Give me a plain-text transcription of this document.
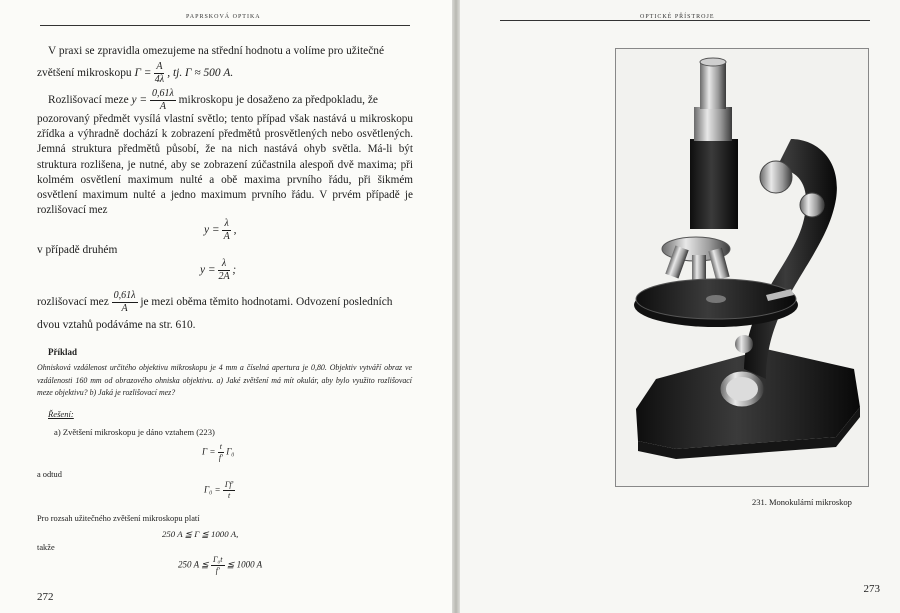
PAPRSKOVÁ OPTIKA

V praxi se zpravidla omezujeme na střední hodnotu a volíme pro užitečné

zvětšení mikroskopu $\Gamma = \frac{A}{4\lambda}$ , tj. Γ ≈ 500 A.
Rozlišovací meze $y = \frac{0,61\lambda}{A}$ mikroskopu je dosaženo za předpokladu, že

pozorovaný předmět vysílá vlastní světlo; tento případ však nastává u mikroskopu zřídka a výhradně dochází k zobrazení předmětů prosvětlených nebo osvětlených. Jemná struktura předmětů působí, že na nich nastává ohyb světla. Má-li být struktura rozlišena, je nutné, aby se zobrazení zúčastnila alespoň dvě maxima; při kolmém osvětlení maximum nulté a obě maxima prvního řádu, při šikmém osvětlení maximum nulté a jedno maximum prvního řádu. V prvém případě je rozlišovací mez

$y = \frac{\lambda}{A}$ ,

v případě druhém

$y = \frac{\lambda}{2A}$ ;
rozlišovací mez $\frac{0,61\lambda}{A}$ je mezi oběma těmito hodnotami. Odvození posledních

dvou vztahů podáváme na str. 610.

Příklad

Ohnisková vzdálenost určitého objektivu mikroskopu je 4 mm a číselná apertura je 0,80. Objektiv vytváří obraz ve vzdálenosti 160 mm od obrazového ohniska objektivu. a) Jaké zvětšení má mít okulár, aby bylo využito rozlišovací meze objektivu? b) Jaká je rozlišovací mez?

Řešení:

a) Zvětšení mikroskopu je dáno vztahem (223)

$\Gamma = \frac{t}{f'} \Gamma_0$

a odtud

$\Gamma_0 = \frac{\Gamma f'}{t}$

Pro rozsah užitečného zvětšení mikroskopu platí

250 A ≦ Γ ≦ 1000 A,

takže

250 A ≦ $\frac{\text{Γ₀t}}{f'}$ ≦ 1000 A
272
OPTICKÉ PŘÍSTROJE
231. Monokulární mikroskop
273
